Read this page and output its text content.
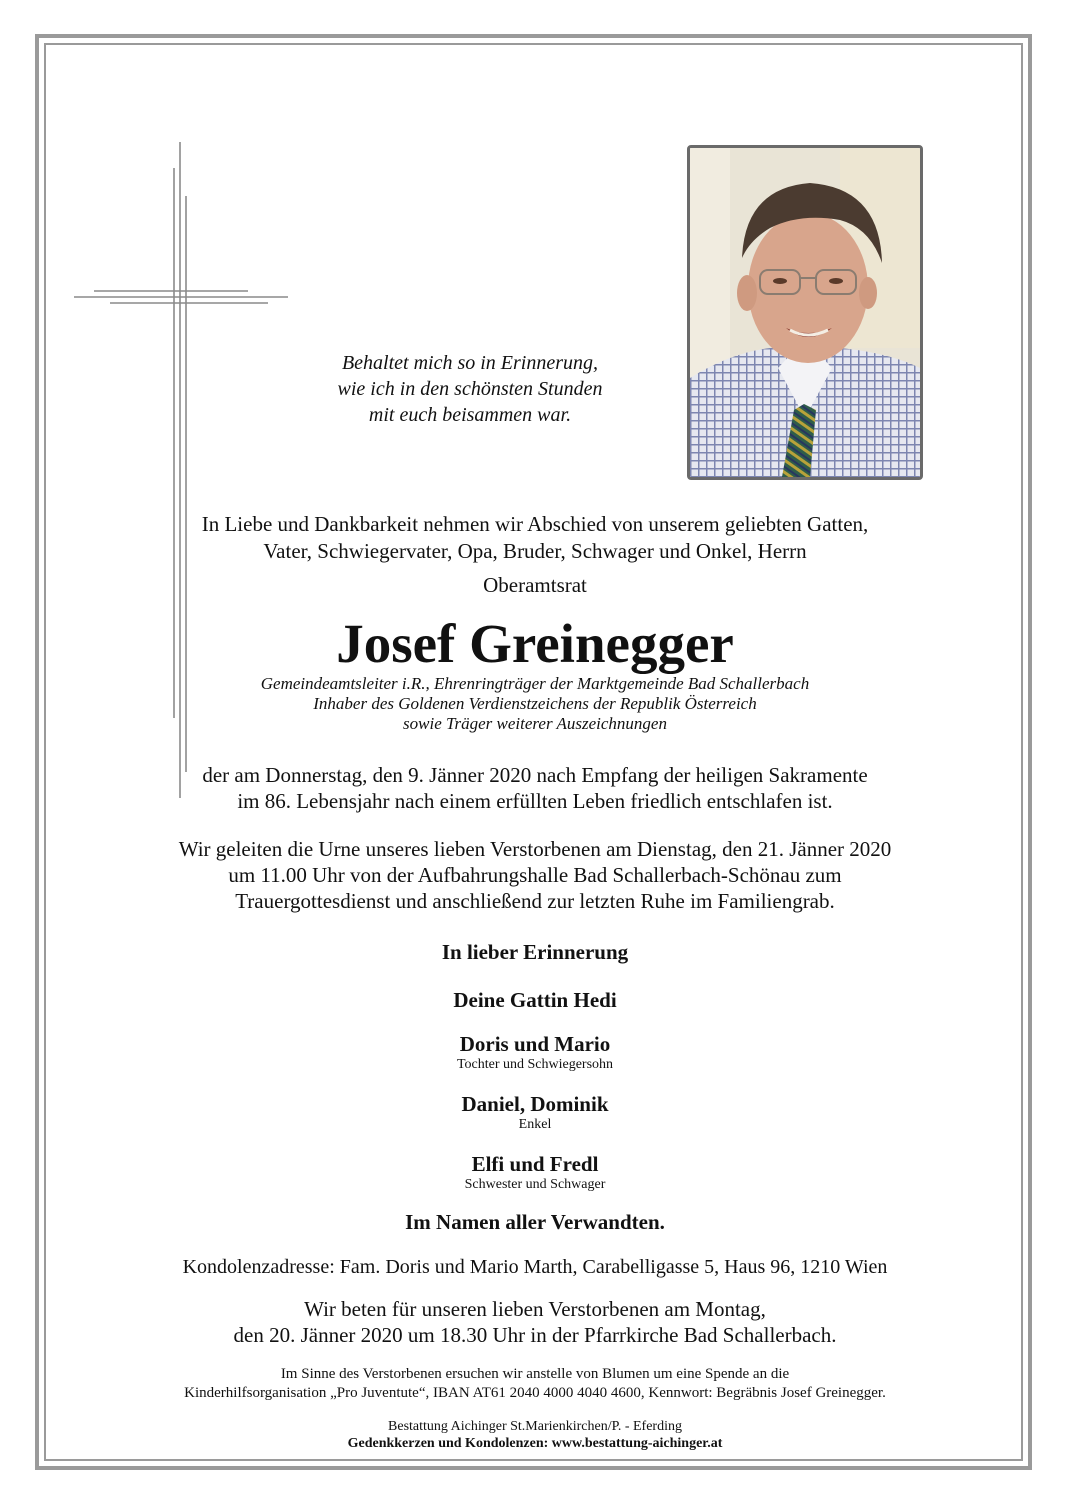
Behaltet mich so in Erinnerung,
wie ich in den schönsten Stunden
mit euch beisammen war.
In Liebe und Dankbarkeit nehmen wir Abschied von unserem geliebten Gatten,
Vater, Schwiegervater, Opa, Bruder, Schwager und Onkel, Herrn
Oberamtsrat
Josef Greinegger
Gemeindeamtsleiter i.R., Ehrenringträger der Marktgemeinde Bad Schallerbach
Inhaber des Goldenen Verdienstzeichens der Republik Österreich
sowie Träger weiterer Auszeichnungen
der am Donnerstag, den 9. Jänner 2020 nach Empfang der heiligen Sakramente
im 86. Lebensjahr nach einem erfüllten Leben friedlich entschlafen ist.
Wir geleiten die Urne unseres lieben Verstorbenen am Dienstag, den 21. Jänner 2020
um 11.00 Uhr von der Aufbahrungshalle Bad Schallerbach-Schönau zum
Trauergottesdienst und anschließend zur letzten Ruhe im Familiengrab.
In lieber Erinnerung
Deine Gattin Hedi
Doris und Mario
Tochter und Schwiegersohn
Daniel, Dominik
Enkel
Elfi und Fredl
Schwester und Schwager
Im Namen aller Verwandten.
Kondolenzadresse: Fam. Doris und Mario Marth, Carabelligasse 5, Haus 96, 1210 Wien
Wir beten für unseren lieben Verstorbenen am Montag,
den 20. Jänner 2020 um 18.30 Uhr in der Pfarrkirche Bad Schallerbach.
Im Sinne des Verstorbenen ersuchen wir anstelle von Blumen um eine Spende an die
Kinderhilfsorganisation „Pro Juventute“, IBAN AT61 2040 4000 4040 4600, Kennwort: Begräbnis Josef Greinegger.
Bestattung Aichinger St.Marienkirchen/P. - Eferding
Gedenkkerzen und Kondolenzen: www.bestattung-aichinger.at
